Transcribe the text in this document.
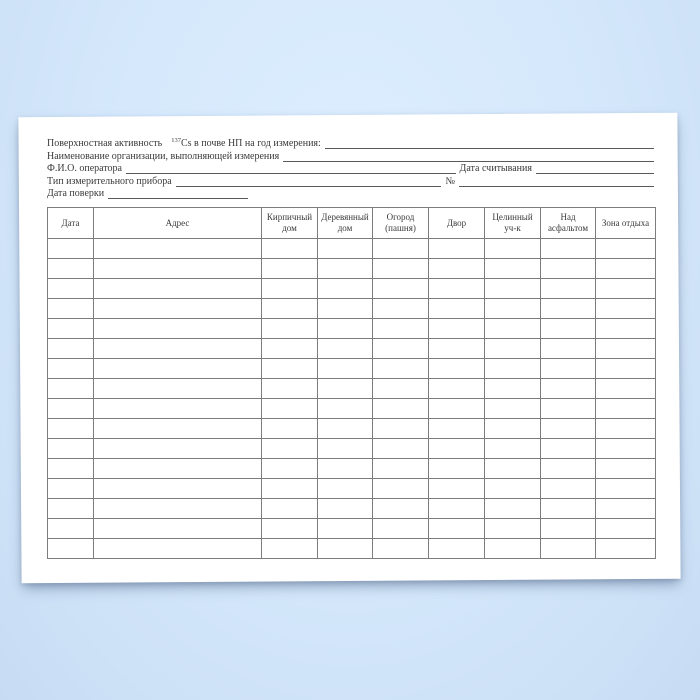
Поверхностная активность	$^{137}$Cs в почве НП на год измерения:
Наименование организации, выполняющей измерения
Ф.И.О. оператора	Дата считывания
Тип измерительного прибора	№
Дата поверки
Дата	Адрес	Кирпичный дом	Деревянный дом	Огород (пашня)	Двор	Целинный уч-к	Над асфальтом	Зона отдыха
